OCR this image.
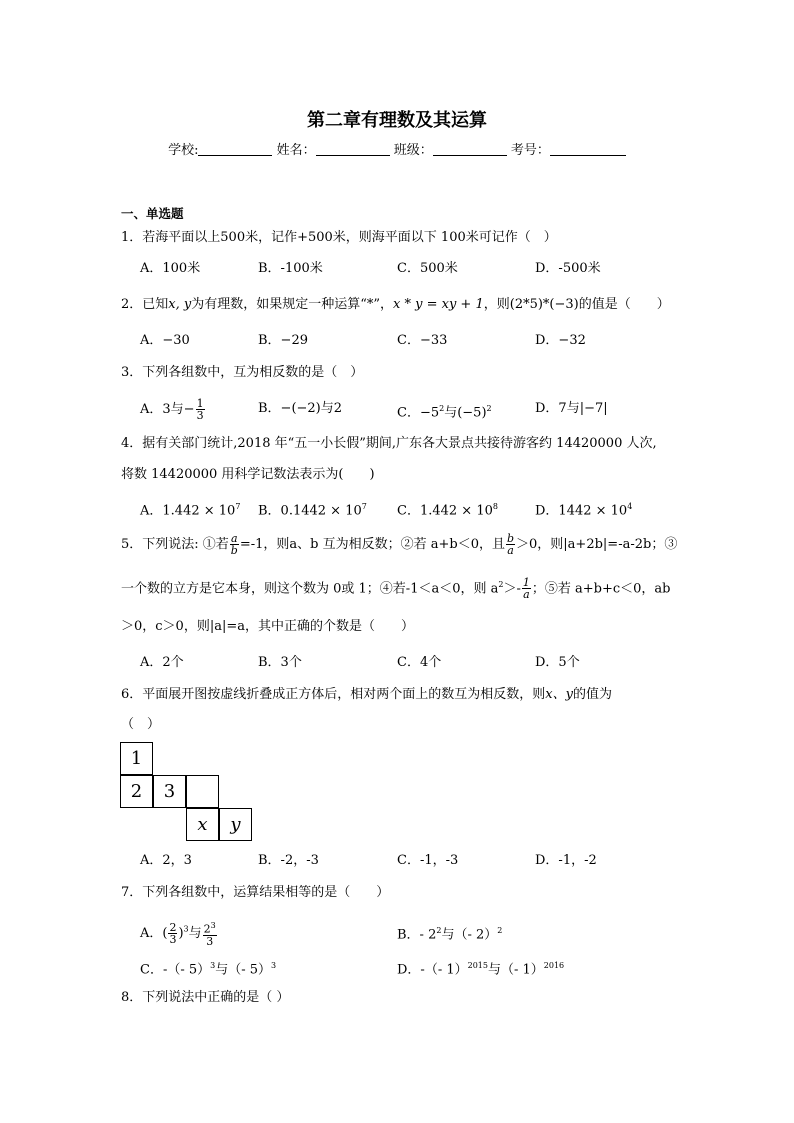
第二章有理数及其运算
学校:	姓名：	班级：	考号：
一、单选题
1．若海平面以上500米，记作+500米，则海平面以下 100米可记作（　）
A．100米	B．-100米	C．500米	D．-500米
2．已知x, y为有理数，如果规定一种运算“*”，x * y = xy + 1，则(2*5)*(−3)的值是（　　）
A．−30	B．−29	C．−33	D．−32
3．下列各组数中，互为相反数的是（　）
A．3与− $\frac{1}{3}$	B．−(−2)与2	C．$-5^2$与$(-5)^2$	D．7与|−7|
4．据有关部门统计,2018 年“五一小长假”期间,广东各大景点共接待游客约 14420000 人次,
将数 14420000 用科学记数法表示为(　　)
A．$1.442 \times 10^7$ B．$0.1442 \times 10^7$ C．$1.442 \times 10^8$	D．$1442 \times 10^4$
5．下列说法: ①若 $\frac{a}{b} =-1$，则a、b 互为相反数；②若 a+b＜0，且 $\frac{b}{a} >0$，则|a+2b|=-a-2b；③
一个数的立方是它本身，则这个数为 0或 1；④若-1＜a＜0，则 $a^2>- \frac{1}{a}$ ；⑤若 a+b+c＜0，ab
＞0，c＞0，则|a|=a，其中正确的个数是（　　）
A．2个	B．3个	C．4个	D．5个
6．平面展开图按虚线折叠成正方体后，相对两个面上的数互为相反数，则x、y的值为
（　）
1
2	3
x	y
A．2，3	B．-2，-3	C．-1，-3	D．-1，-2
7．下列各组数中，运算结果相等的是（　　）
A．( $\frac{2}{3} )^3$与 $\frac{2^3}{3}$	B．- $2^2$与（- 2）$^2$
C．-（- 5）$^3$与（- 5）$^3$	D．-（- 1）$^{2015}$与（- 1）$^{2016}$
8．下列说法中正确的是（ ）
